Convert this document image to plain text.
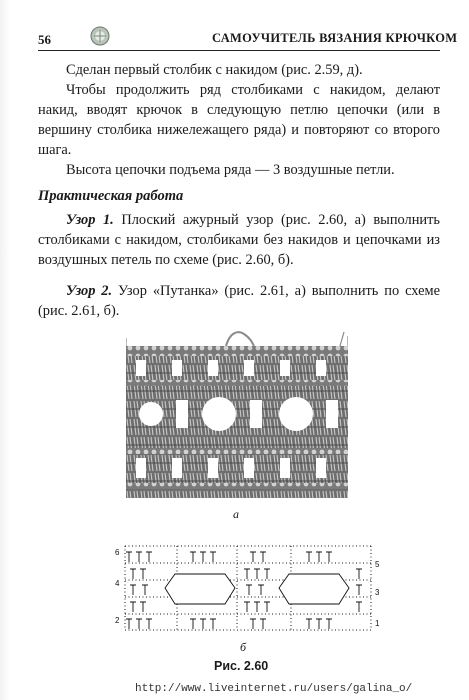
56	САМОУЧИТЕЛЬ ВЯЗАНИЯ КРЮЧКОМ

Сделан первый столбик с накидом (рис. 2.59, д).

Чтобы продолжить ряд столбиками с накидом, делают накид, вводят крючок в следующую петлю цепочки (или в вершину столбика нижележащего ряда) и повторяют со второго шага.

Высота цепочки подъема ряда — 3 воздушные петли.

Практическая работа

Узор 1. Плоский ажурный узор (рис. 2.60, а) выполнить столбиками с накидом, столбиками без накидов и цепочками из воздушных петель по схеме (рис. 2.60, б).

Узор 2. Узор «Путанка» (рис. 2.61, а) выполнить по схеме (рис. 2.61, б).

а
6
4
2
5
3
1
б
Рис. 2.60
http://www.liveinternet.ru/users/galina_o/
